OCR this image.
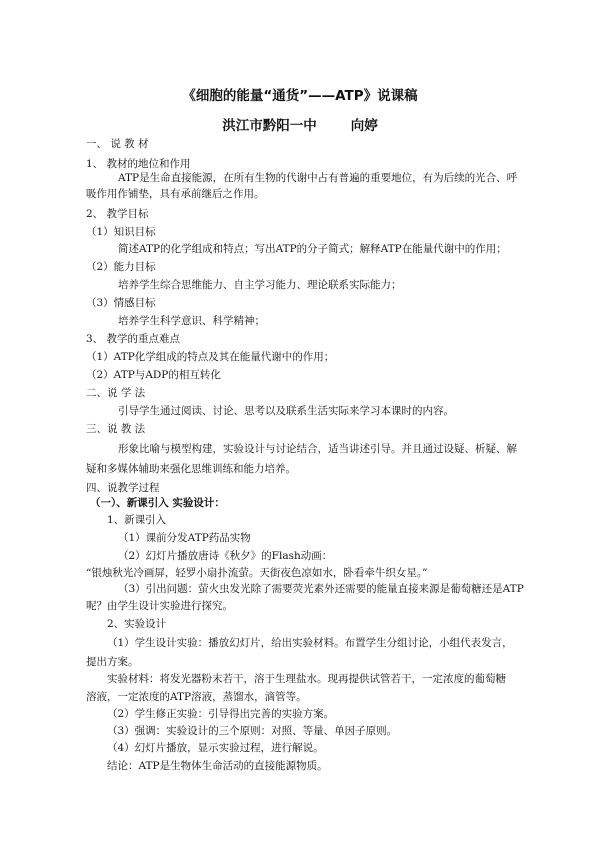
《细胞的能量“通货”——ATP》说课稿
洪江市黔阳一中	向婷
一、 说 教 材
1、 教材的地位和作用
ATP是生命直接能源，在所有生物的代谢中占有普遍的重要地位，有为后续的光合、呼
吸作用作铺垫，具有承前继后之作用。
2、 教学目标
（1）知识目标
简述ATP的化学组成和特点；写出ATP的分子简式；解释ATP在能量代谢中的作用；
（2）能力目标
培养学生综合思维能力、自主学习能力、理论联系实际能力；
（3）情感目标
培养学生科学意识、科学精神；
3、 教学的重点难点
（1）ATP化学组成的特点及其在能量代谢中的作用；
（2）ATP与ADP的相互转化
二、说 学 法
引导学生通过阅读、讨论、思考以及联系生活实际来学习本课时的内容。
三、说 教 法
形象比喻与模型构建，实验设计与讨论结合，适当讲述引导。并且通过设疑、析疑、解
疑和多媒体辅助来强化思维训练和能力培养。
四、说教学过程
（一）、新课引入 实验设计：
1、新课引入
（1）课前分发ATP药品实物
（2）幻灯片播放唐诗《秋夕》的Flash动画：
“银烛秋光冷画屏，轻罗小扇扑流萤。天街夜色凉如水，卧看牵牛织女星。”
（3）引出问题：萤火虫发光除了需要荧光素外还需要的能量直接来源是葡萄糖还是ATP
呢？由学生设计实验进行探究。
2、实验设计
（1）学生设计实验：播放幻灯片，给出实验材料。布置学生分组讨论，小组代表发言，
提出方案。
实验材料：将发光器粉末若干，溶于生理盐水。现再提供试管若干，一定浓度的葡萄糖
溶液，一定浓度的ATP溶液，蒸馏水，滴管等。
（2）学生修正实验：引导得出完善的实验方案。
（3）强调：实验设计的三个原则：对照、等量、单因子原则。
（4）幻灯片播放，显示实验过程，进行解说。
结论：ATP是生物体生命活动的直接能源物质。
